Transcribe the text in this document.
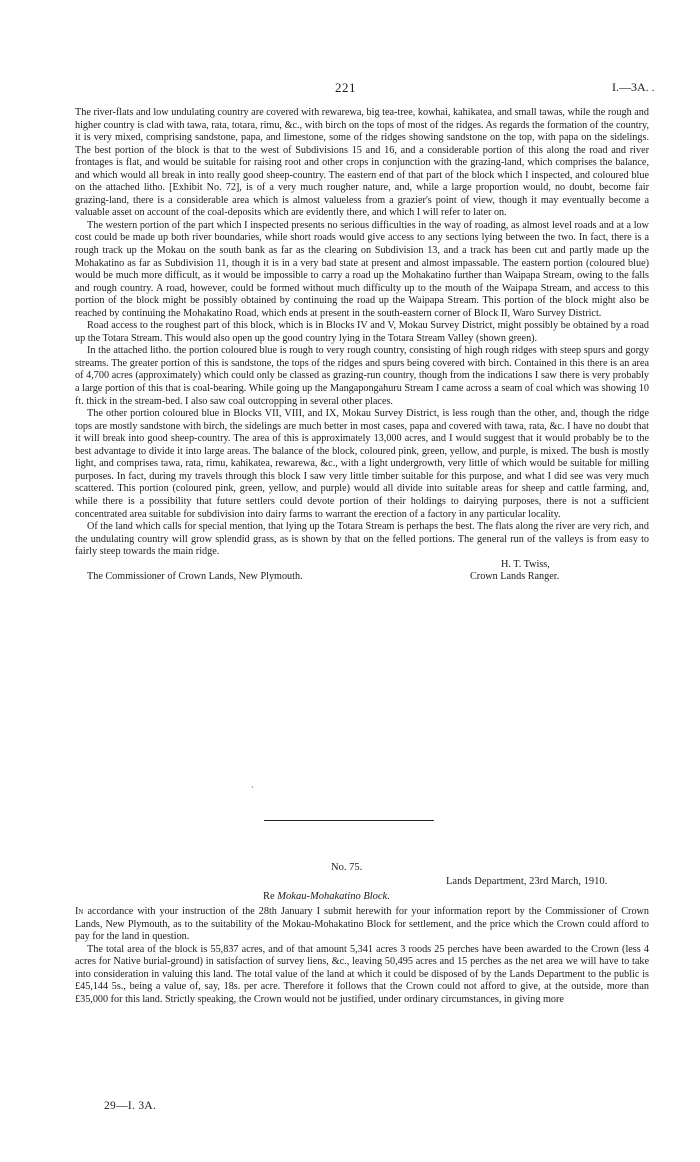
221	I.—3A. .

The river-flats and low undulating country are covered with rewarewa, big tea-tree, kowhai, kahikatea, and small tawas, while the rough and higher country is clad with tawa, rata, totara, rimu, &c., with birch on the tops of most of the ridges. As regards the formation of the country, it is very mixed, comprising sandstone, papa, and limestone, some of the ridges showing sandstone on the top, with papa on the sidelings. The best portion of the block is that to the west of Subdivisions 15 and 16, and a considerable portion of this along the road and river frontages is flat, and would be suitable for raising root and other crops in conjunction with the grazing-land, which comprises the balance, and which would all break in into really good sheep-country. The eastern end of that part of the block which I inspected, and coloured blue on the attached litho. [Exhibit No. 72], is of a very much rougher nature, and, while a large proportion would, no doubt, become fair grazing-land, there is a considerable area which is almost valueless from a grazier's point of view, though it may eventually become a valuable asset on account of the coal-deposits which are evidently there, and which I will refer to later on.

The western portion of the part which I inspected presents no serious difficulties in the way of roading, as almost level roads and at a low cost could be made up both river boundaries, while short roads would give access to any sections lying between the two. In fact, there is a rough track up the Mokau on the south bank as far as the clearing on Subdivision 13, and a track has been cut and partly made up the Mohakatino as far as Subdivision 11, though it is in a very bad state at present and almost impassable. The eastern portion (coloured blue) would be much more difficult, as it would be impossible to carry a road up the Mohakatino further than Waipapa Stream, owing to the falls and rough country. A road, however, could be formed without much difficulty up to the mouth of the Waipapa Stream, and access to this portion of the block might be possibly obtained by continuing the road up the Waipapa Stream. This portion of the block might also be reached by continuing the Mohakatino Road, which ends at present in the south-eastern corner of Block II, Waro Survey District.

Road access to the roughest part of this block, which is in Blocks IV and V, Mokau Survey District, might possibly be obtained by a road up the Totara Stream. This would also open up the good country lying in the Totara Stream Valley (shown green).

In the attached litho. the portion coloured blue is rough to very rough country, consisting of high rough ridges with steep spurs and gorgy streams. The greater portion of this is sandstone, the tops of the ridges and spurs being covered with birch. Contained in this there is an area of 4,700 acres (approximately) which could only be classed as grazing-run country, though from the indications I saw there is very probably a large portion of this that is coal-bearing. While going up the Mangapongahuru Stream I came across a seam of coal which was showing 10 ft. thick in the stream-bed. I also saw coal outcropping in several other places.

The other portion coloured blue in Blocks VII, VIII, and IX, Mokau Survey District, is less rough than the other, and, though the ridge tops are mostly sandstone with birch, the sidelings are much better in most cases, papa and covered with tawa, rata, &c. I have no doubt that it will break into good sheep-country. The area of this is approximately 13,000 acres, and I would suggest that it would probably be to the best advantage to divide it into large areas. The balance of the block, coloured pink, green, yellow, and purple, is mixed. The bush is mostly light, and comprises tawa, rata, rimu, kahikatea, rewarewa, &c., with a light undergrowth, very little of which would be suitable for milling purposes. In fact, during my travels through this block I saw very little timber suitable for this purpose, and what I did see was very much scattered. This portion (coloured pink, green, yellow, and purple) would all divide into suitable areas for sheep and cattle farming, and, while there is a possibility that future settlers could devote portion of their holdings to dairying purposes, there is not a sufficient concentrated area suitable for subdivision into dairy farms to warrant the erection of a factory in any particular locality.

Of the land which calls for special mention, that lying up the Totara Stream is perhaps the best. The flats along the river are very rich, and the undulating country will grow splendid grass, as is shown by that on the felled portions. The general run of the valleys is from easy to fairly steep towards the main ridge.

H. T. Twiss,
The Commissioner of Crown Lands, New Plymouth.	Crown Lands Ranger.
·
No. 75.
Lands Department, 23rd March, 1910.
Re Mokau-Mohakatino Block.

In accordance with your instruction of the 28th January I submit herewith for your information report by the Commissioner of Crown Lands, New Plymouth, as to the suitability of the Mokau-Mohakatino Block for settlement, and the price which the Crown could afford to pay for the land in question.

The total area of the block is 55,837 acres, and of that amount 5,341 acres 3 roods 25 perches have been awarded to the Crown (less 4 acres for Native burial-ground) in satisfaction of survey liens, &c., leaving 50,495 acres and 15 perches as the net area we will have to take into consideration in valuing this land. The total value of the land at which it could be disposed of by the Lands Department to the public is £45,144 5s., being a value of, say, 18s. per acre. Therefore it follows that the Crown could not afford to give, at the outside, more than £35,000 for this land. Strictly speaking, the Crown would not be justified, under ordinary circumstances, in giving more

29—I. 3A.
